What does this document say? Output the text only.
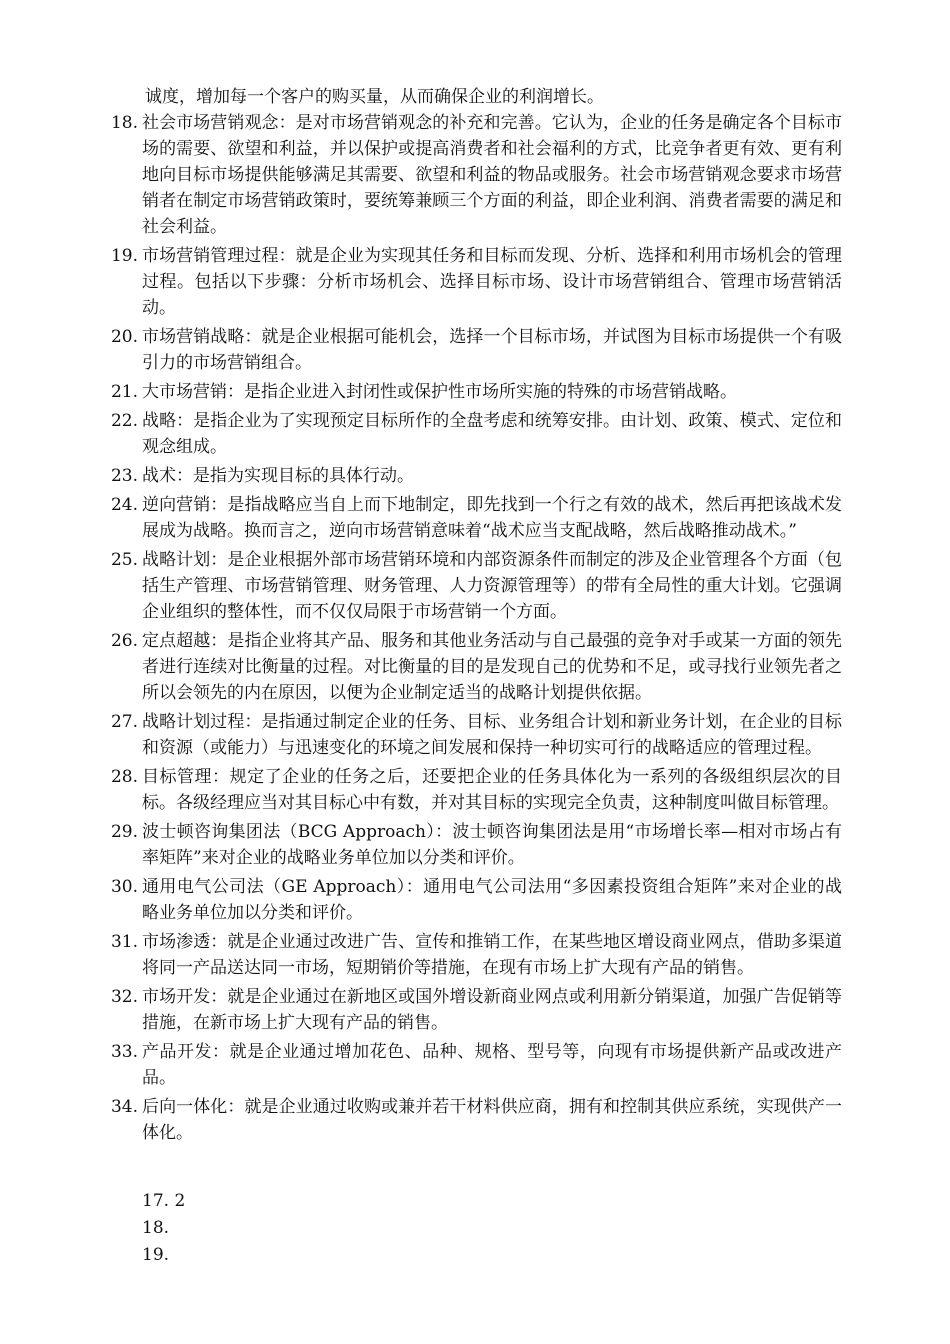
诚度，增加每一个客户的购买量，从而确保企业的利润增长。
18. 社会市场营销观念：是对市场营销观念的补充和完善。它认为，企业的任务是确定各个目标市场的需要、欲望和利益，并以保护或提高消费者和社会福利的方式，比竞争者更有效、更有利地向目标市场提供能够满足其需要、欲望和利益的物品或服务。社会市场营销观念要求市场营销者在制定市场营销政策时，要统筹兼顾三个方面的利益，即企业利润、消费者需要的满足和社会利益。
19. 市场营销管理过程：就是企业为实现其任务和目标而发现、分析、选择和利用市场机会的管理过程。包括以下步骤：分析市场机会、选择目标市场、设计市场营销组合、管理市场营销活动。
20. 市场营销战略：就是企业根据可能机会，选择一个目标市场，并试图为目标市场提供一个有吸引力的市场营销组合。
21. 大市场营销：是指企业进入封闭性或保护性市场所实施的特殊的市场营销战略。
22. 战略：是指企业为了实现预定目标所作的全盘考虑和统筹安排。由计划、政策、模式、定位和观念组成。
23. 战术：是指为实现目标的具体行动。
24. 逆向营销：是指战略应当自上而下地制定，即先找到一个行之有效的战术，然后再把该战术发展成为战略。换而言之，逆向市场营销意味着“战术应当支配战略，然后战略推动战术。”
25. 战略计划：是企业根据外部市场营销环境和内部资源条件而制定的涉及企业管理各个方面（包括生产管理、市场营销管理、财务管理、人力资源管理等）的带有全局性的重大计划。它强调企业组织的整体性，而不仅仅局限于市场营销一个方面。
26. 定点超越：是指企业将其产品、服务和其他业务活动与自己最强的竞争对手或某一方面的领先者进行连续对比衡量的过程。对比衡量的目的是发现自己的优势和不足，或寻找行业领先者之所以会领先的内在原因，以便为企业制定适当的战略计划提供依据。
27. 战略计划过程：是指通过制定企业的任务、目标、业务组合计划和新业务计划，在企业的目标和资源（或能力）与迅速变化的环境之间发展和保持一种切实可行的战略适应的管理过程。
28. 目标管理：规定了企业的任务之后，还要把企业的任务具体化为一系列的各级组织层次的目标。各级经理应当对其目标心中有数，并对其目标的实现完全负责，这种制度叫做目标管理。
29. 波士顿咨询集团法（BCG Approach）：波士顿咨询集团法是用“市场增长率—相对市场占有率矩阵”来对企业的战略业务单位加以分类和评价。
30. 通用电气公司法（GE Approach）：通用电气公司法用“多因素投资组合矩阵”来对企业的战略业务单位加以分类和评价。
31. 市场渗透：就是企业通过改进广告、宣传和推销工作，在某些地区增设商业网点，借助多渠道将同一产品送达同一市场，短期销价等措施，在现有市场上扩大现有产品的销售。
32. 市场开发：就是企业通过在新地区或国外增设新商业网点或利用新分销渠道，加强广告促销等措施，在新市场上扩大现有产品的销售。
33. 产品开发：就是企业通过增加花色、品种、规格、型号等，向现有市场提供新产品或改进产品。
34. 后向一体化：就是企业通过收购或兼并若干材料供应商，拥有和控制其供应系统，实现供产一体化。
17. 2
18.
19.
